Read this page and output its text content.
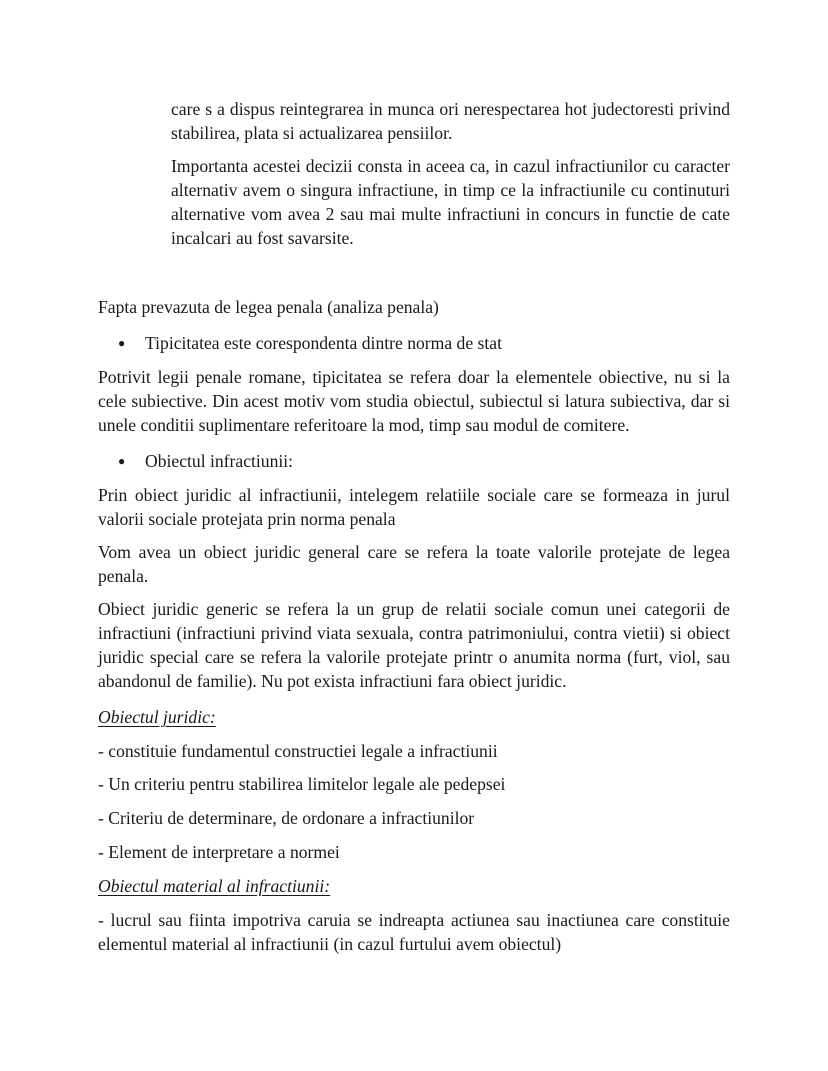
care s a dispus reintegrarea in munca ori nerespectarea hot judectoresti privind stabilirea, plata si actualizarea pensiilor.

Importanta acestei decizii consta in aceea ca, in cazul infractiunilor cu caracter alternativ avem o singura infractiune, in timp ce la infractiunile cu continuturi alternative vom avea 2 sau mai multe infractiuni in concurs in functie de cate incalcari au fost savarsite.

Fapta prevazuta de legea penala (analiza penala)

● Tipicitatea este corespondenta dintre norma de stat

Potrivit legii penale romane, tipicitatea se refera doar la elementele obiective, nu si la cele subiective. Din acest motiv vom studia obiectul, subiectul si latura subiectiva, dar si unele conditii suplimentare referitoare la mod, timp sau modul de comitere.

● Obiectul infractiunii:

Prin obiect juridic al infractiunii, intelegem relatiile sociale care se formeaza in jurul valorii sociale protejata prin norma penala

Vom avea un obiect juridic general care se refera la toate valorile protejate de legea penala.

Obiect juridic generic se refera la un grup de relatii sociale comun unei categorii de infractiuni (infractiuni privind viata sexuala, contra patrimoniului, contra vietii) si obiect juridic special care se refera la valorile protejate printr o anumita norma (furt, viol, sau abandonul de familie). Nu pot exista infractiuni fara obiect juridic.

Obiectul juridic:

- constituie fundamentul constructiei legale a infractiunii

- Un criteriu pentru stabilirea limitelor legale ale pedepsei

- Criteriu de determinare, de ordonare a infractiunilor

- Element de interpretare a normei

Obiectul material al infractiunii:

- lucrul sau fiinta impotriva caruia se indreapta actiunea sau inactiunea care constituie elementul material al infractiunii (in cazul furtului avem obiectul)
